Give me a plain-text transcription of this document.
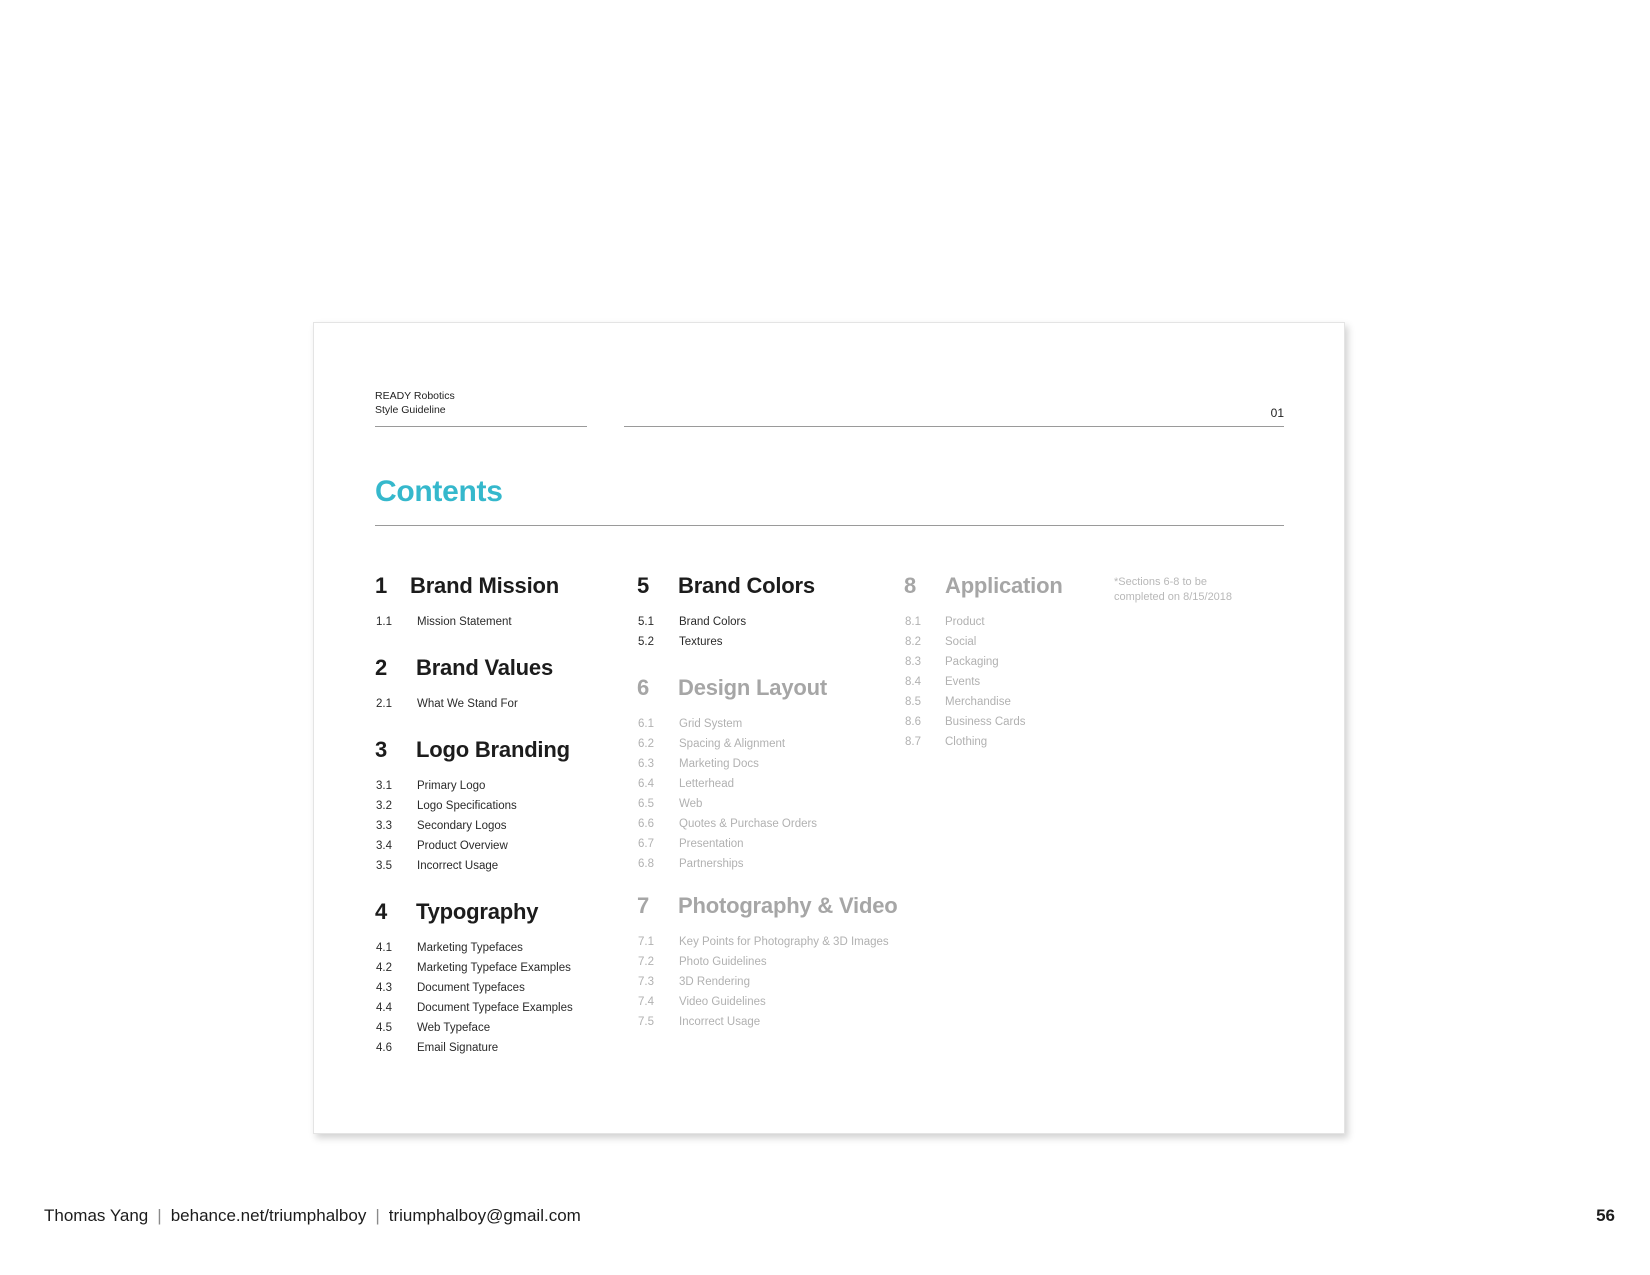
READY Robotics
Style Guideline	01
Contents
1 Brand Mission
1.1 Mission Statement
2 Brand Values
2.1 What We Stand For
3 Logo Branding
3.1 Primary Logo
3.2 Logo Specifications
3.3 Secondary Logos
3.4 Product Overview
3.5 Incorrect Usage
4 Typography
4.1 Marketing Typefaces
4.2 Marketing Typeface Examples
4.3 Document Typefaces
4.4 Document Typeface Examples
4.5 Web Typeface
4.6 Email Signature
5 Brand Colors
5.1 Brand Colors
5.2 Textures
6 Design Layout
6.1 Grid System
6.2 Spacing & Alignment
6.3 Marketing Docs
6.4 Letterhead
6.5 Web
6.6 Quotes & Purchase Orders
6.7 Presentation
6.8 Partnerships
7 Photography & Video
7.1 Key Points for Photography & 3D Images
7.2 Photo Guidelines
7.3 3D Rendering
7.4 Video Guidelines
7.5 Incorrect Usage
8 Application
8.1 Product
8.2 Social
8.3 Packaging
8.4 Events
8.5 Merchandise
8.6 Business Cards
8.7 Clothing
*Sections 6-8 to be completed on 8/15/2018
Thomas Yang | behance.net/triumphalboy | triumphalboy@gmail.com	56
